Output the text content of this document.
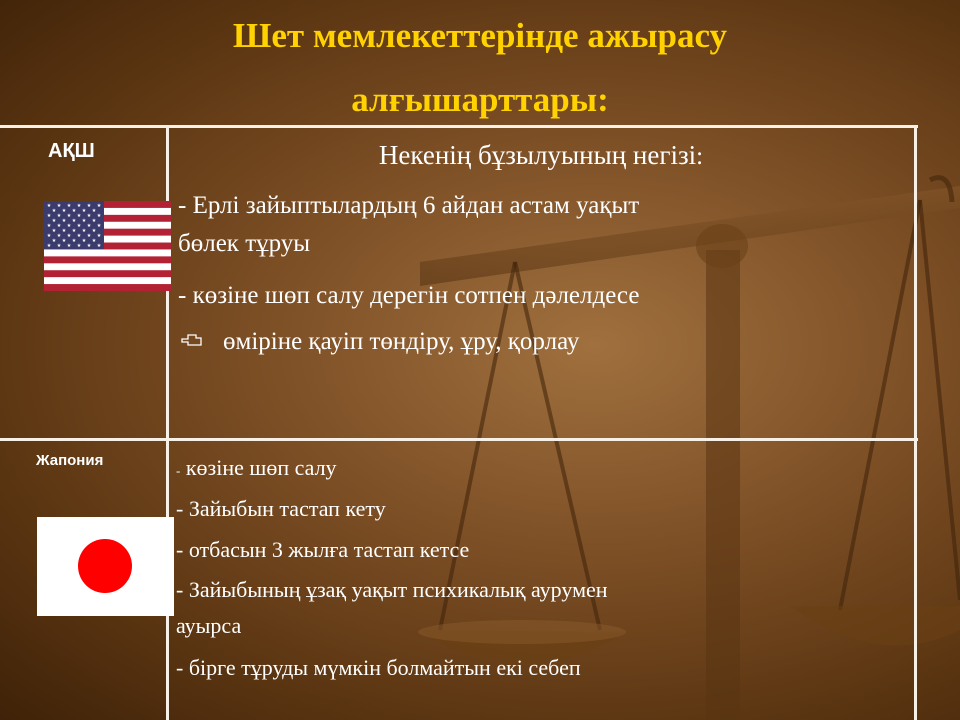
Шет мемлекеттерінде ажырасу
алғышарттары:
АҚШ
★ ★ ★ ★ ★ ★
★ ★ ★ ★ ★
★ ★ ★ ★ ★ ★
★ ★ ★ ★ ★
★ ★ ★ ★ ★ ★
★ ★ ★ ★ ★
★ ★ ★ ★ ★ ★
★ ★ ★ ★ ★
★ ★ ★ ★ ★ ★
Некенің бұзылуының негізі:
- Ерлі зайыптылардың 6 айдан астам уақыт
бөлек тұруы
- көзіне шөп салу дерегін сотпен дәлелдесе
өміріне қауіп төндіру, ұру, қорлау
Жапония
- көзіне шөп салу
- Зайыбын тастап кету
- отбасын 3 жылға тастап кетсе
- Зайыбының ұзақ уақыт психикалық аурумен
ауырса
- бірге тұруды мүмкін болмайтын екі себеп
